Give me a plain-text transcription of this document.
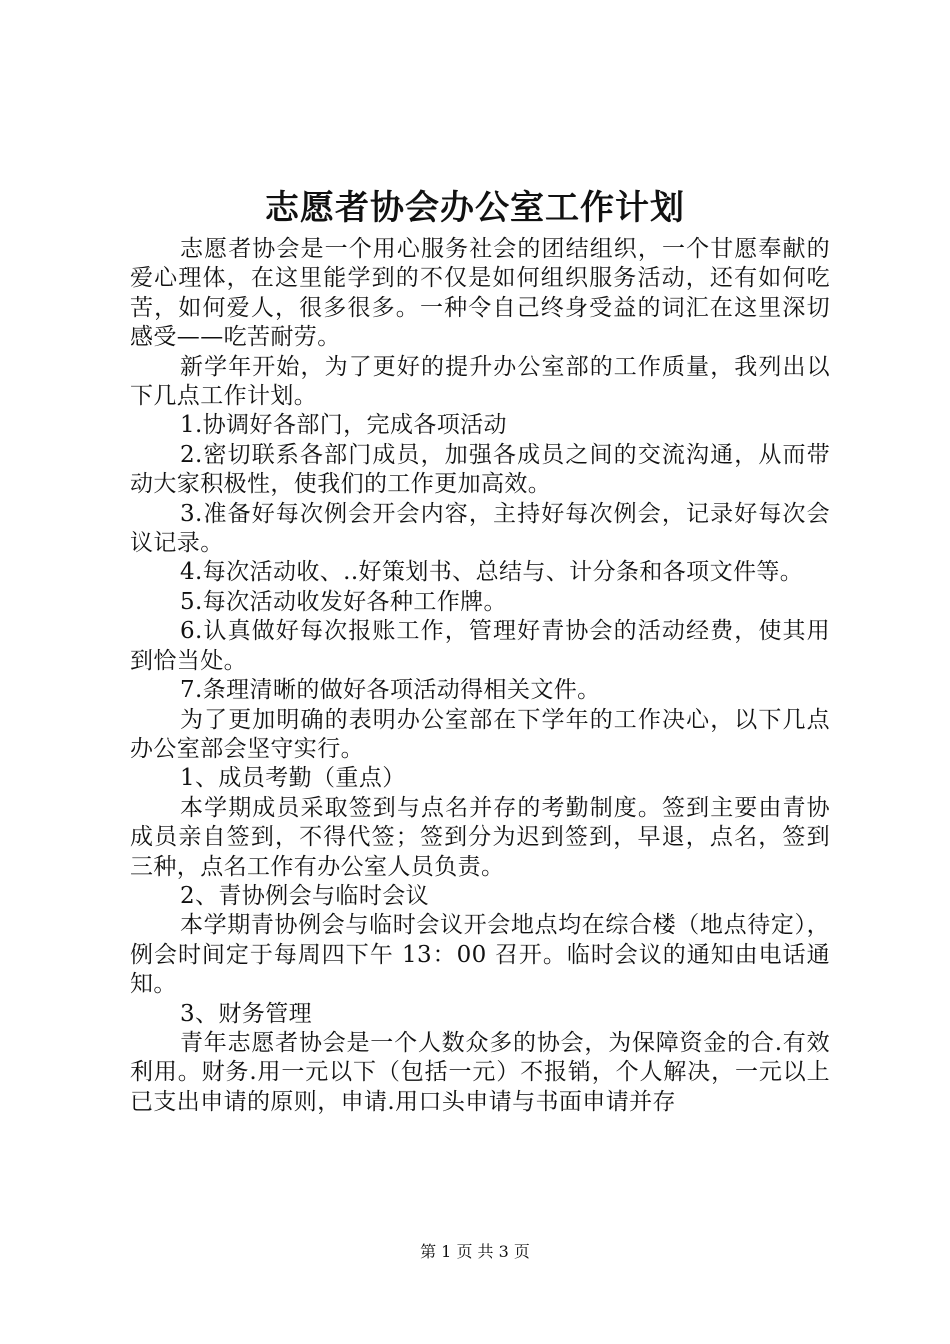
志愿者协会办公室工作计划

志愿者协会是一个用心服务社会的团结组织，一个甘愿奉献的爱心理体，在这里能学到的不仅是如何组织服务活动，还有如何吃苦，如何爱人，很多很多。一种令自己终身受益的词汇在这里深切感受——吃苦耐劳。

新学年开始，为了更好的提升办公室部的工作质量，我列出以下几点工作计划。

1.协调好各部门，完成各项活动

2.密切联系各部门成员，加强各成员之间的交流沟通，从而带动大家积极性，使我们的工作更加高效。

3.准备好每次例会开会内容，主持好每次例会，记录好每次会议记录。

4.每次活动收、..好策划书、总结与、计分条和各项文件等。

5.每次活动收发好各种工作牌。

6.认真做好每次报账工作，管理好青协会的活动经费，使其用到恰当处。

7.条理清晰的做好各项活动得相关文件。

为了更加明确的表明办公室部在下学年的工作决心，以下几点办公室部会坚守实行。

1、成员考勤（重点）

本学期成员采取签到与点名并存的考勤制度。签到主要由青协成员亲自签到，不得代签；签到分为迟到签到，早退，点名，签到三种，点名工作有办公室人员负责。

2、青协例会与临时会议

本学期青协例会与临时会议开会地点均在综合楼（地点待定），例会时间定于每周四下午 13：00 召开。临时会议的通知由电话通知。

3、财务管理

青年志愿者协会是一个人数众多的协会，为保障资金的合.有效利用。财务.用一元以下（包括一元）不报销，个人解决，一元以上已支出申请的原则，申请.用口头申请与书面申请并存

第 1 页 共 3 页
